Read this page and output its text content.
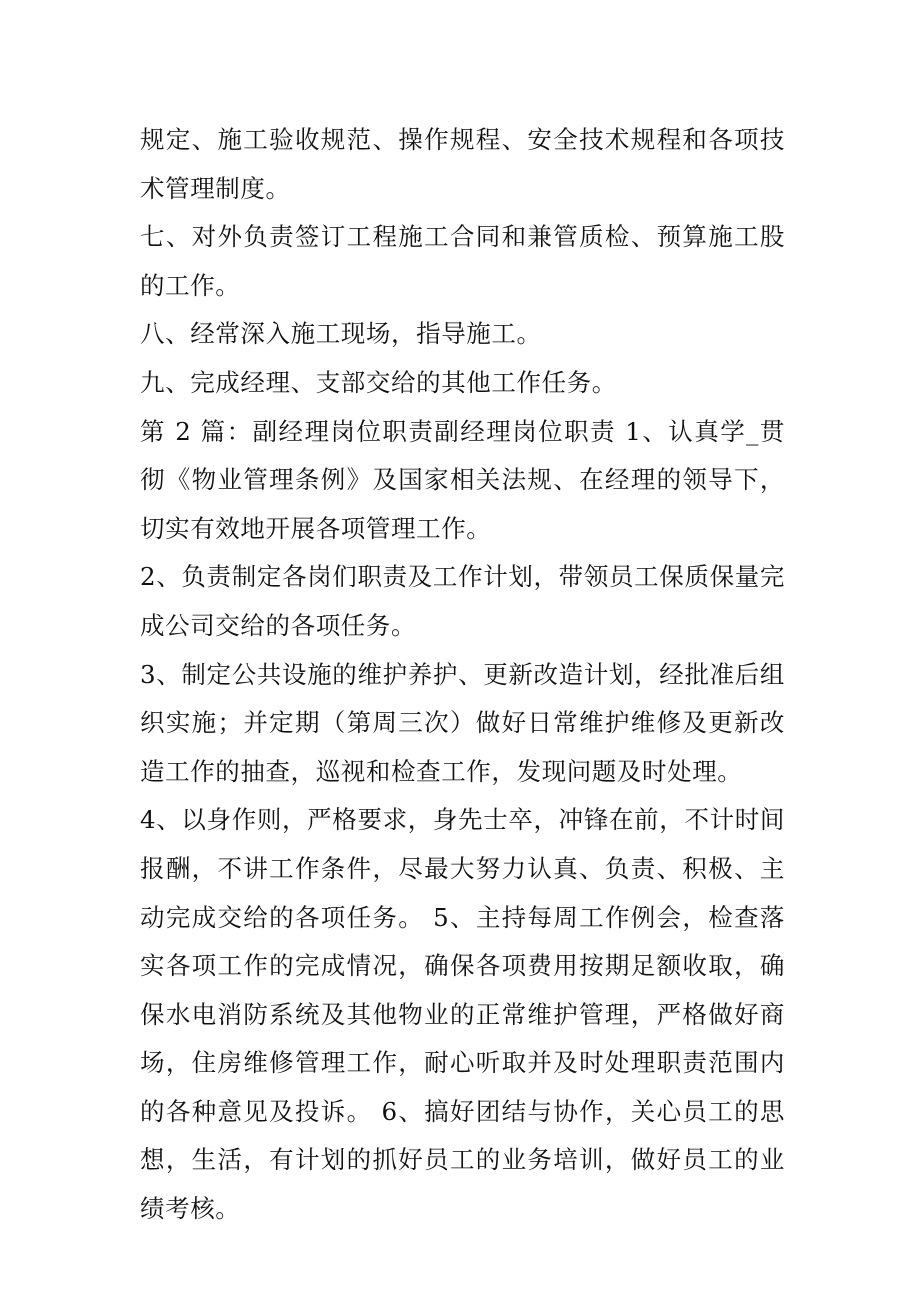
规定、施工验收规范、操作规程、安全技术规程和各项技术管理制度。

七、对外负责签订工程施工合同和兼管质检、预算施工股的工作。

八、经常深入施工现场，指导施工。

九、完成经理、支部交给的其他工作任务。

第 2 篇：副经理岗位职责副经理岗位职责 1、认真学_贯彻《物业管理条例》及国家相关法规、在经理的领导下，切实有效地开展各项管理工作。

2、负责制定各岗们职责及工作计划，带领员工保质保量完成公司交给的各项任务。

3、制定公共设施的维护养护、更新改造计划，经批准后组织实施；并定期（第周三次）做好日常维护维修及更新改造工作的抽查，巡视和检查工作，发现问题及时处理。

4、以身作则，严格要求，身先士卒，冲锋在前，不计时间报酬，不讲工作条件，尽最大努力认真、负责、积极、主动完成交给的各项任务。 5、主持每周工作例会，检查落实各项工作的完成情况，确保各项费用按期足额收取，确保水电消防系统及其他物业的正常维护管理，严格做好商场，住房维修管理工作，耐心听取并及时处理职责范围内的各种意见及投诉。 6、搞好团结与协作，关心员工的思想，生活，有计划的抓好员工的业务培训，做好员工的业绩考核。
